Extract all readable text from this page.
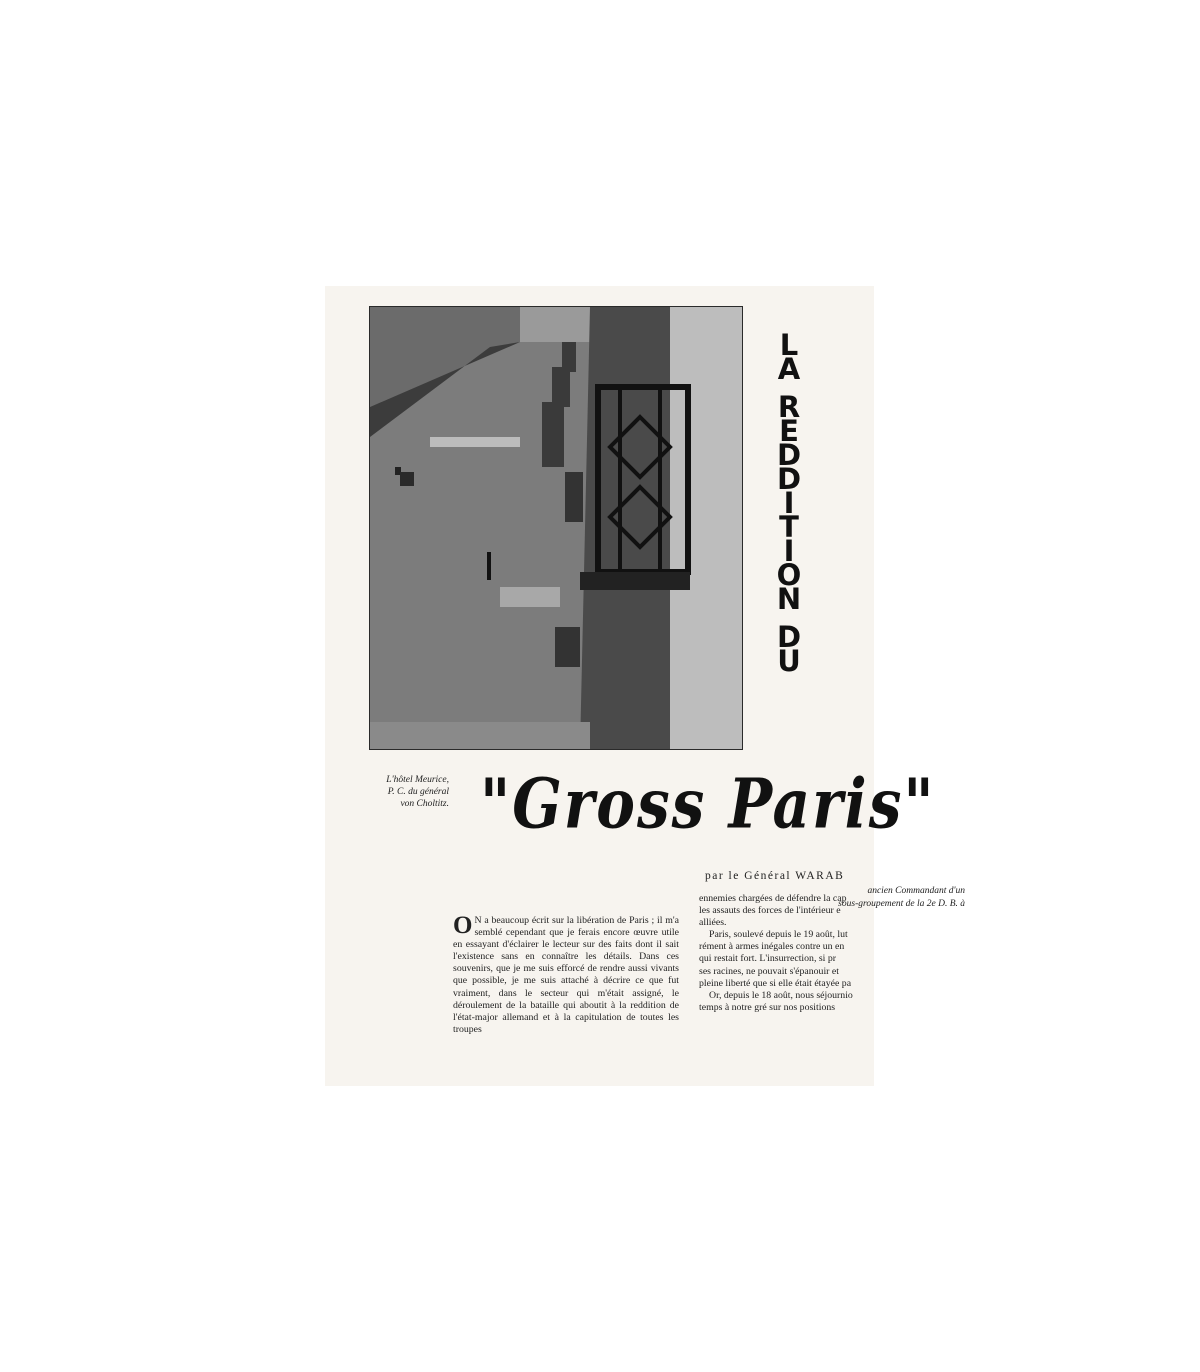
L
A
R
E
D
D
I
T
I
O
N
D
U
L'hôtel Meurice,
P. C. du général
von Choltitz. "Gross Paris"
par le Général WARAB
ancien Commandant d'un
sous-groupement de la 2e D. B. à

O N a beaucoup écrit sur la libération de Paris ; il m'a semblé cependant que je ferais encore œuvre utile en essayant d'éclairer le lecteur sur des faits dont il sait l'existence sans en connaître les détails. Dans ces souvenirs, que je me suis efforcé de rendre aussi vivants que possible, je me suis attaché à décrire ce que fut vraiment, dans le secteur qui m'était assigné, le déroulement de la bataille qui aboutit à la reddition de l'état-major allemand et à la capitulation de toutes les troupes

ennemies chargées de défendre la cap

les assauts des forces de l'intérieur e

alliées.

Paris, soulevé depuis le 19 août, lut

rément à armes inégales contre un en

qui restait fort. L'insurrection, si pr

ses racines, ne pouvait s'épanouir et

pleine liberté que si elle était étayée pa

Or, depuis le 18 août, nous séjournio

temps à notre gré sur nos positions
